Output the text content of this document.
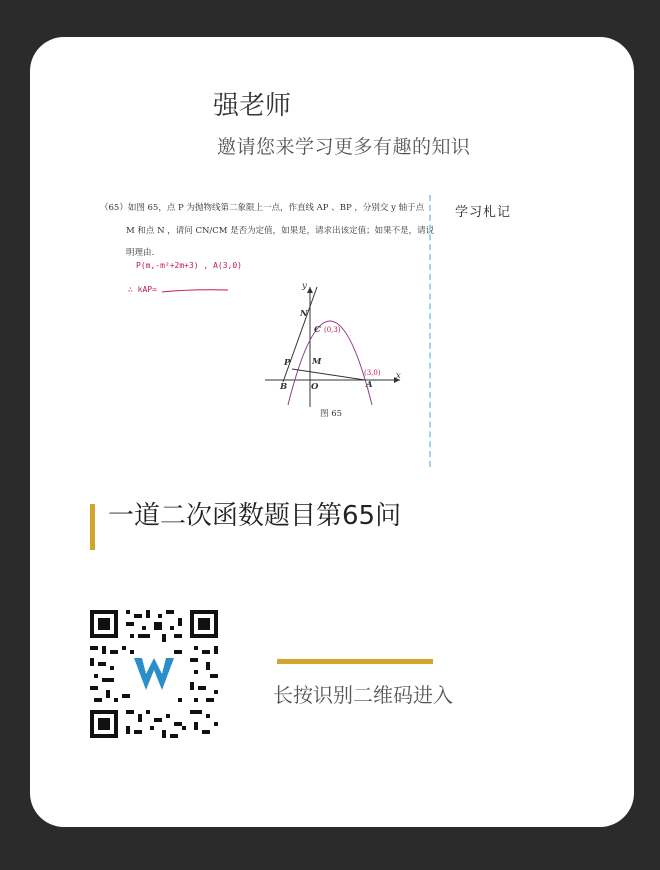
强老师
邀请您来学习更多有趣的知识
（65）如图 65，点 P 为抛物线第二象限上一点，作直线 AP 、BP ，分别交 y 轴于点
M 和点 N ，请问 CN/CM 是否为定值，如果是，请求出该定值；如果不是，请说
明理由.
P(m,-m²+2m+3) , A(3,0)
∴ kAP=	y
x
N
C (0,3)
P	M
B	O	A
(3,0)
图 65
学习札记
一道二次函数题目第65问
长按识别二维码进入
